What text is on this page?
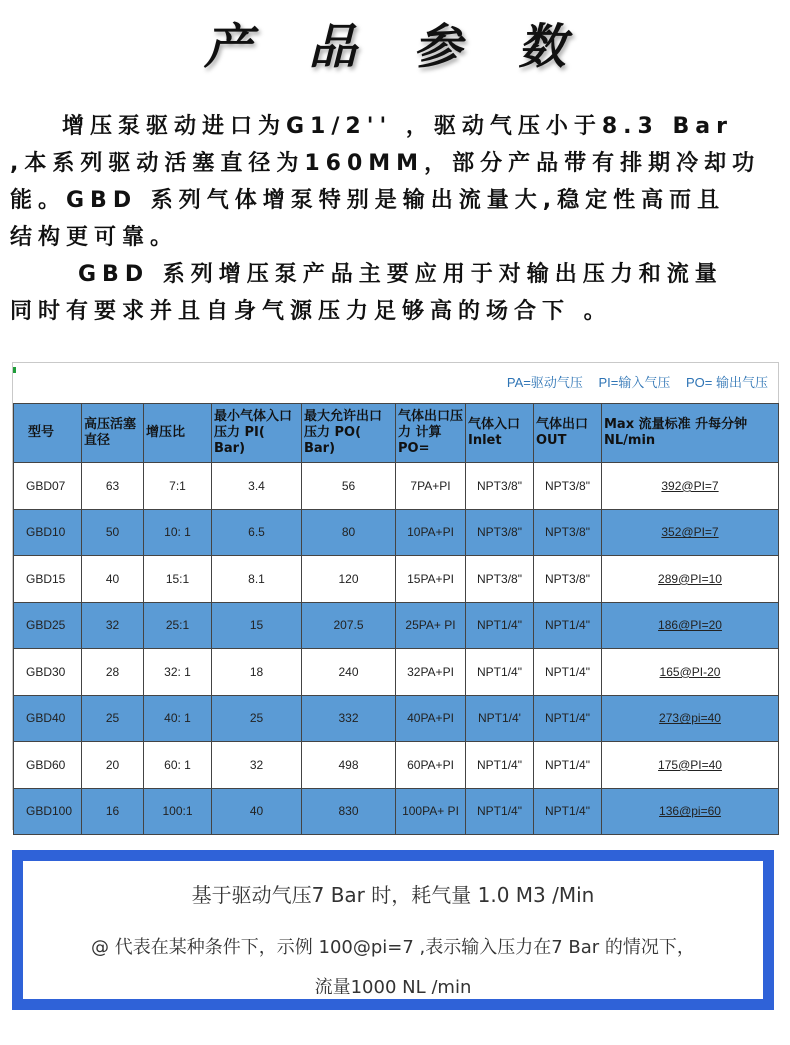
产 品 参 数

增压泵驱动进口为G1/2'' ，驱动气压小于8.3 Bar

,本系列驱动活塞直径为160MM，部分产品带有排期冷却功

能。GBD 系列气体增泵特别是输出流量大,稳定性高而且

结构更可靠。

GBD 系列增压泵产品主要应用于对输出压力和流量

同时有要求并且自身气源压力足够高的场合下 。

PA=驱动气压 PI=输入气压 PO= 输出气压
型号	高压活塞直径	增压比	最小气体入口压力 PI( Bar)	最大允许出口压力 PO( Bar)	气体出口压力 计算PO=	气体入口 Inlet	气体出口 OUT	Max 流量标准 升每分钟 NL/min
GBD07	63	7:1	3.4	56	7PA+PI	NPT3/8"	NPT3/8"	392@PI=7
GBD10	50	10: 1	6.5	80	10PA+PI	NPT3/8"	NPT3/8"	352@PI=7
GBD15	40	15:1	8.1	120	15PA+PI	NPT3/8"	NPT3/8"	289@PI=10
GBD25	32	25:1	15	207.5	25PA+ PI	NPT1/4"	NPT1/4"	186@PI=20
GBD30	28	32: 1	18	240	32PA+PI	NPT1/4"	NPT1/4"	165@PI-20
GBD40	25	40: 1	25	332	40PA+PI	NPT1/4'	NPT1/4"	273@pi=40
GBD60	20	60: 1	32	498	60PA+PI	NPT1/4"	NPT1/4"	175@PI=40
GBD100	16	100:1	40	830	100PA+ PI	NPT1/4"	NPT1/4"	136@pi=60
基于驱动气压7 Bar 时，耗气量 1.0 M3 /Min
@ 代表在某种条件下，示例 100@pi=7 ,表示输入压力在7 Bar 的情况下，
流量1000 NL /min
